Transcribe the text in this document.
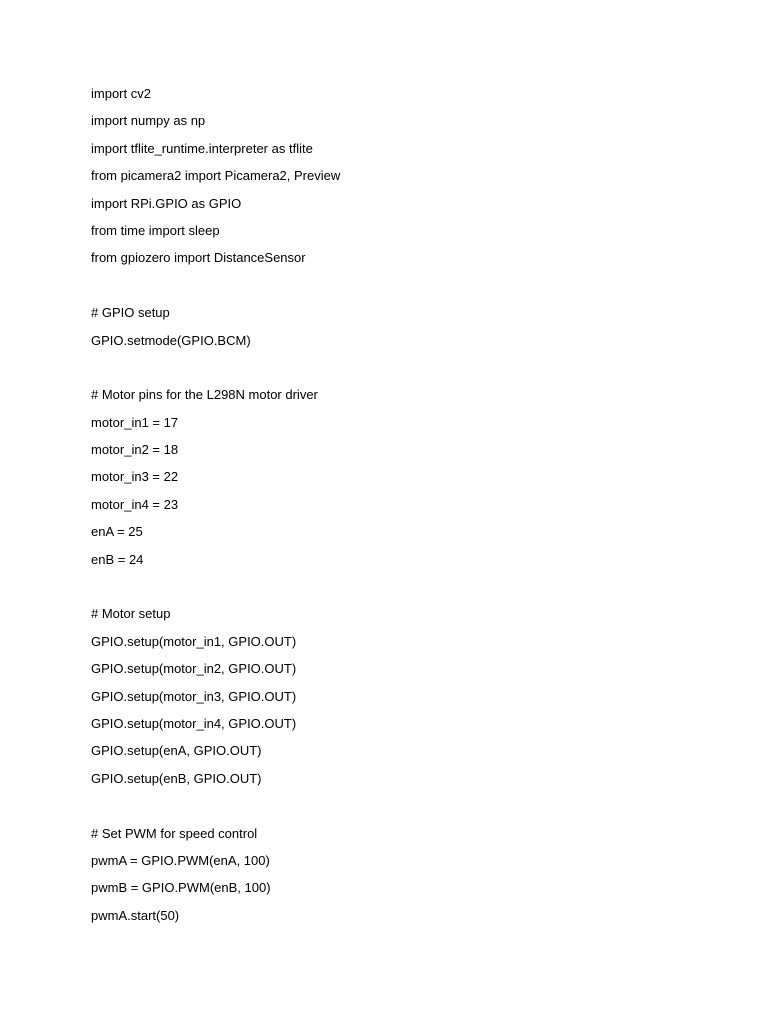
import cv2
import numpy as np
import tflite_runtime.interpreter as tflite
from picamera2 import Picamera2, Preview
import RPi.GPIO as GPIO
from time import sleep
from gpiozero import DistanceSensor
# GPIO setup
GPIO.setmode(GPIO.BCM)
# Motor pins for the L298N motor driver
motor_in1 = 17
motor_in2 = 18
motor_in3 = 22
motor_in4 = 23
enA = 25
enB = 24
# Motor setup
GPIO.setup(motor_in1, GPIO.OUT)
GPIO.setup(motor_in2, GPIO.OUT)
GPIO.setup(motor_in3, GPIO.OUT)
GPIO.setup(motor_in4, GPIO.OUT)
GPIO.setup(enA, GPIO.OUT)
GPIO.setup(enB, GPIO.OUT)
# Set PWM for speed control
pwmA = GPIO.PWM(enA, 100)
pwmB = GPIO.PWM(enB, 100)
pwmA.start(50)
